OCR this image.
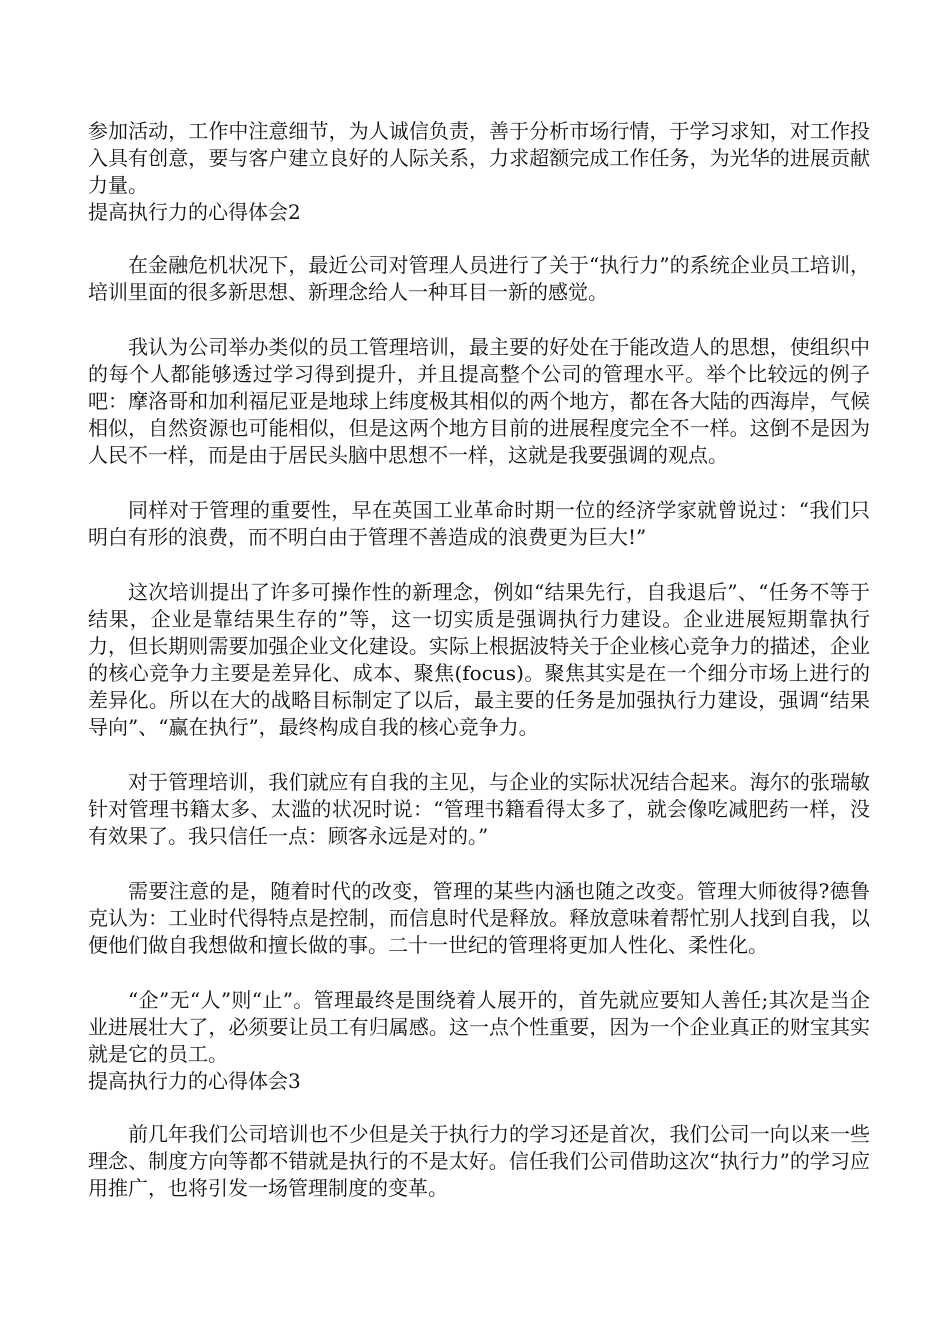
参加活动，工作中注意细节，为人诚信负责，善于分析市场行情，于学习求知，对工作投入具有创意，要与客户建立良好的人际关系，力求超额完成工作任务，为光华的进展贡献力量。

提高执行力的心得体会2

在金融危机状况下，最近公司对管理人员进行了关于“执行力”的系统企业员工培训，培训里面的很多新思想、新理念给人一种耳目一新的感觉。

我认为公司举办类似的员工管理培训，最主要的好处在于能改造人的思想，使组织中的每个人都能够透过学习得到提升，并且提高整个公司的管理水平。举个比较远的例子吧：摩洛哥和加利福尼亚是地球上纬度极其相似的两个地方，都在各大陆的西海岸，气候相似，自然资源也可能相似，但是这两个地方目前的进展程度完全不一样。这倒不是因为人民不一样，而是由于居民头脑中思想不一样，这就是我要强调的观点。

同样对于管理的重要性，早在英国工业革命时期一位的经济学家就曾说过：“我们只明白有形的浪费，而不明白由于管理不善造成的浪费更为巨大!”

这次培训提出了许多可操作性的新理念，例如“结果先行，自我退后”、“任务不等于结果，企业是靠结果生存的”等，这一切实质是强调执行力建设。企业进展短期靠执行力，但长期则需要加强企业文化建设。实际上根据波特关于企业核心竞争力的描述，企业的核心竞争力主要是差异化、成本、聚焦(focus)。聚焦其实是在一个细分市场上进行的差异化。所以在大的战略目标制定了以后，最主要的任务是加强执行力建设，强调“结果导向”、“赢在执行”，最终构成自我的核心竞争力。

对于管理培训，我们就应有自我的主见，与企业的实际状况结合起来。海尔的张瑞敏针对管理书籍太多、太滥的状况时说：“管理书籍看得太多了，就会像吃减肥药一样，没有效果了。我只信任一点：顾客永远是对的。”

需要注意的是，随着时代的改变，管理的某些内涵也随之改变。管理大师彼得?德鲁克认为：工业时代得特点是控制，而信息时代是释放。释放意味着帮忙别人找到自我，以便他们做自我想做和擅长做的事。二十一世纪的管理将更加人性化、柔性化。

“企”无“人”则“止”。管理最终是围绕着人展开的，首先就应要知人善任;其次是当企业进展壮大了，必须要让员工有归属感。这一点个性重要，因为一个企业真正的财宝其实就是它的员工。

提高执行力的心得体会3

前几年我们公司培训也不少但是关于执行力的学习还是首次，我们公司一向以来一些理念、制度方向等都不错就是执行的不是太好。信任我们公司借助这次“执行力”的学习应用推广，也将引发一场管理制度的变革。
